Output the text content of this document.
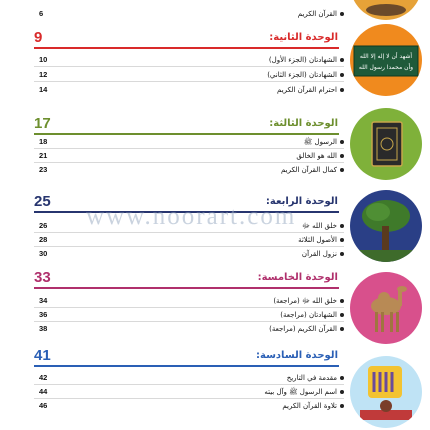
6	القرآن الكريم
9	الوحدة الثانية:
10	الشهادتان (الجزء الأول)
12	الشهادتان (الجزء الثاني)
14	احترام القرآن الكريم
أشهد أن لا إله إلا الله
وأن محمدا رسول الله
17	الوحدة الثالثة:
18	الرسول ﷺ
21	الله هو الخالق
23	كمال القرآن الكريم
25	الوحدة الرابعة:
26	خلق الله ﷻ
28	الأصول الثلاثة
30	نزول القرآن
33	الوحدة الخامسة:
34	خلق الله ﷻ (مراجعة)
36	الشهادتان (مراجعة)
38	القرآن الكريم (مراجعة)
41	الوحدة السادسة:
42	مقدمة في التاريخ
44	اسم الرسول ﷺ وآل بيته
46	تلاوة القرآن الكريم

www.noorart.com
